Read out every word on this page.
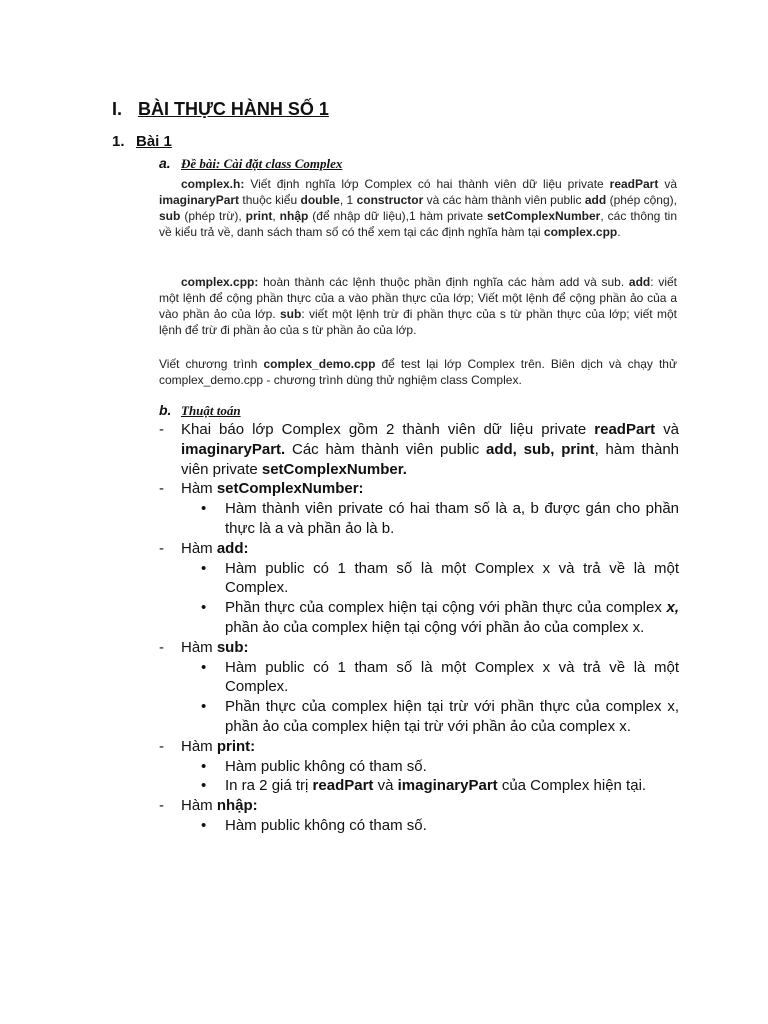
I. BÀI THỰC HÀNH SỐ 1
1. Bài 1
a. Đề bài: Cài đặt class Complex
complex.h: Viết định nghĩa lớp Complex có hai thành viên dữ liệu private readPart và imaginaryPart thuộc kiểu double, 1 constructor và các hàm thành viên public add (phép cộng), sub (phép trừ), print, nhập (để nhập dữ liệu),1 hàm private setComplexNumber, các thông tin về kiểu trả về, danh sách tham số có thể xem tại các định nghĩa hàm tại complex.cpp.
complex.cpp: hoàn thành các lệnh thuộc phần định nghĩa các hàm add và sub. add: viết một lệnh để cộng phần thực của a vào phần thực của lớp; Viết một lệnh để cộng phần ảo của a vào phần ảo của lớp. sub: viết một lệnh trừ đi phần thực của s từ phần thực của lớp; viết một lệnh để trừ đi phần ảo của s từ phần ảo của lớp.
Viết chương trình complex_demo.cpp để test lại lớp Complex trên. Biên dịch và chạy thử complex_demo.cpp - chương trình dùng thử nghiệm class Complex.
b. Thuật toán
- Khai báo lớp Complex gồm 2 thành viên dữ liệu private readPart và imaginaryPart. Các hàm thành viên public add, sub, print, hàm thành viên private setComplexNumber.
- Hàm setComplexNumber:
• Hàm thành viên private có hai tham số là a, b được gán cho phần thực là a và phần ảo là b.
- Hàm add:
• Hàm public có 1 tham số là một Complex x và trả về là một Complex.
• Phần thực của complex hiện tại cộng với phần thực của complex x, phần ảo của complex hiện tại cộng với phần ảo của complex x.
- Hàm sub:
• Hàm public có 1 tham số là một Complex x và trả về là một Complex.
• Phần thực của complex hiện tại trừ với phần thực của complex x, phần ảo của complex hiện tại trừ với phần ảo của complex x.
- Hàm print:
• Hàm public không có tham số.
• In ra 2 giá trị readPart và imaginaryPart của Complex hiện tại.
- Hàm nhập:
• Hàm public không có tham số.
